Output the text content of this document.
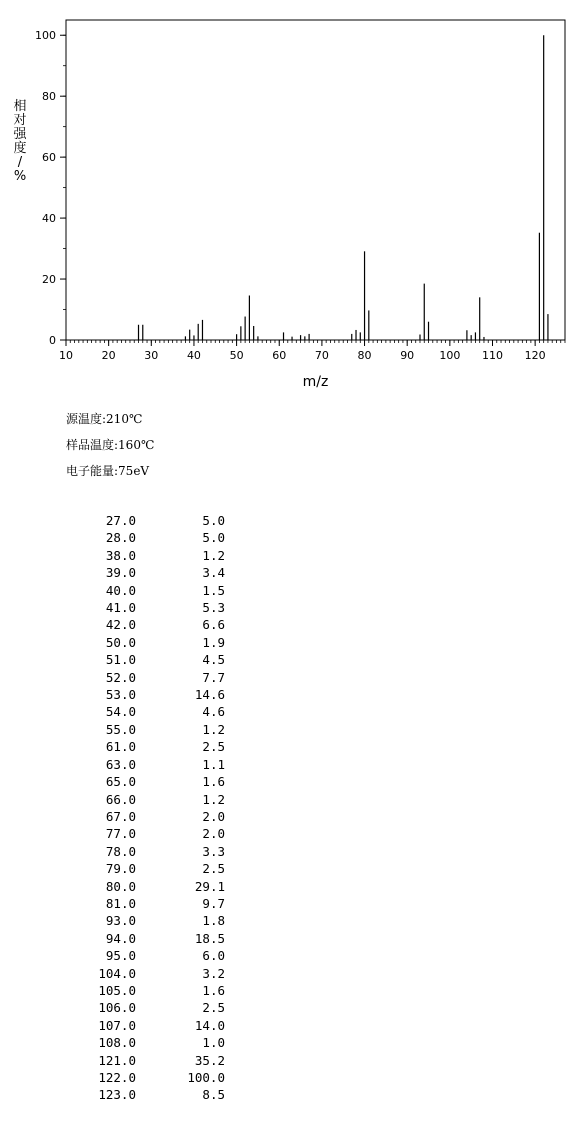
10	20	30	40	50	60	70	80	90 100 110 120
0
20
40
60
80
100
m/z
相对强度/ %
源温度:210℃
样品温度:160℃
电子能量:75eV
27.0	5.0
28.0	5.0
38.0	1.2
39.0	3.4
40.0	1.5
41.0	5.3
42.0	6.6
50.0	1.9
51.0	4.5
52.0	7.7
53.0	14.6
54.0	4.6
55.0	1.2
61.0	2.5
63.0	1.1
65.0	1.6
66.0	1.2
67.0	2.0
77.0	2.0
78.0	3.3
79.0	2.5
80.0	29.1
81.0	9.7
93.0	1.8
94.0	18.5
95.0	6.0
104.0	3.2
105.0	1.6
106.0	2.5
107.0	14.0
108.0	1.0
121.0	35.2
122.0	100.0
123.0	8.5
